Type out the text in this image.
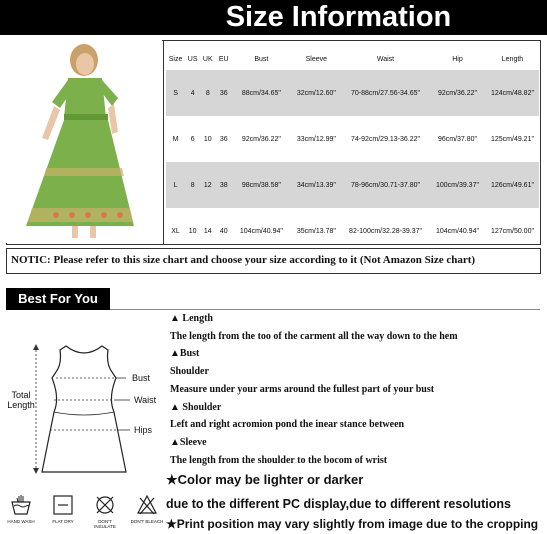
Size Information
Size	US	UK	EU	Bust	Sleeve	Waist	Hip	Length
S	4	8	36	88cm/34.65"	32cm/12.60"	70-88cm/27.56-34.65"	92cm/36.22"	124cm/48.82"
M	6	10	36	92cm/36.22"	33cm/12.99"	74-92cm/29.13-36.22"	96cm/37.80"	125cm/49.21"
L	8	12	38	98cm/38.58"	34cm/13.39"	78-96cm/30.71-37.80"	100cm/39.37"	126cm/49.61"
XL	10	14	40	104cm/40.94"	35cm/13.78"	82-100cm/32.28-39.37"	104cm/40.94"	127cm/50.00"
NOTIC: Please refer to this size chart and choose your size according to it (Not Amazon Size chart)
Best For You
Total Length
Bust
Waist
Hips
▲ Length
The length from the too of the carment all the way down to the hem
▲Bust
Shoulder
Measure under your arms around the fullest part of your bust
▲ Shoulder
Left and right acromion pond the inear stance between
▲Sleeve
The length from the shoulder to the bocom of wrist
★Color may be lighter or darker
due to the different PC display,due to different resolutions
★Print position may vary slightly from image due to the cropping
HAND WASH	FLAT DRY	DON'T INSULATE
DON'T BLEACH
